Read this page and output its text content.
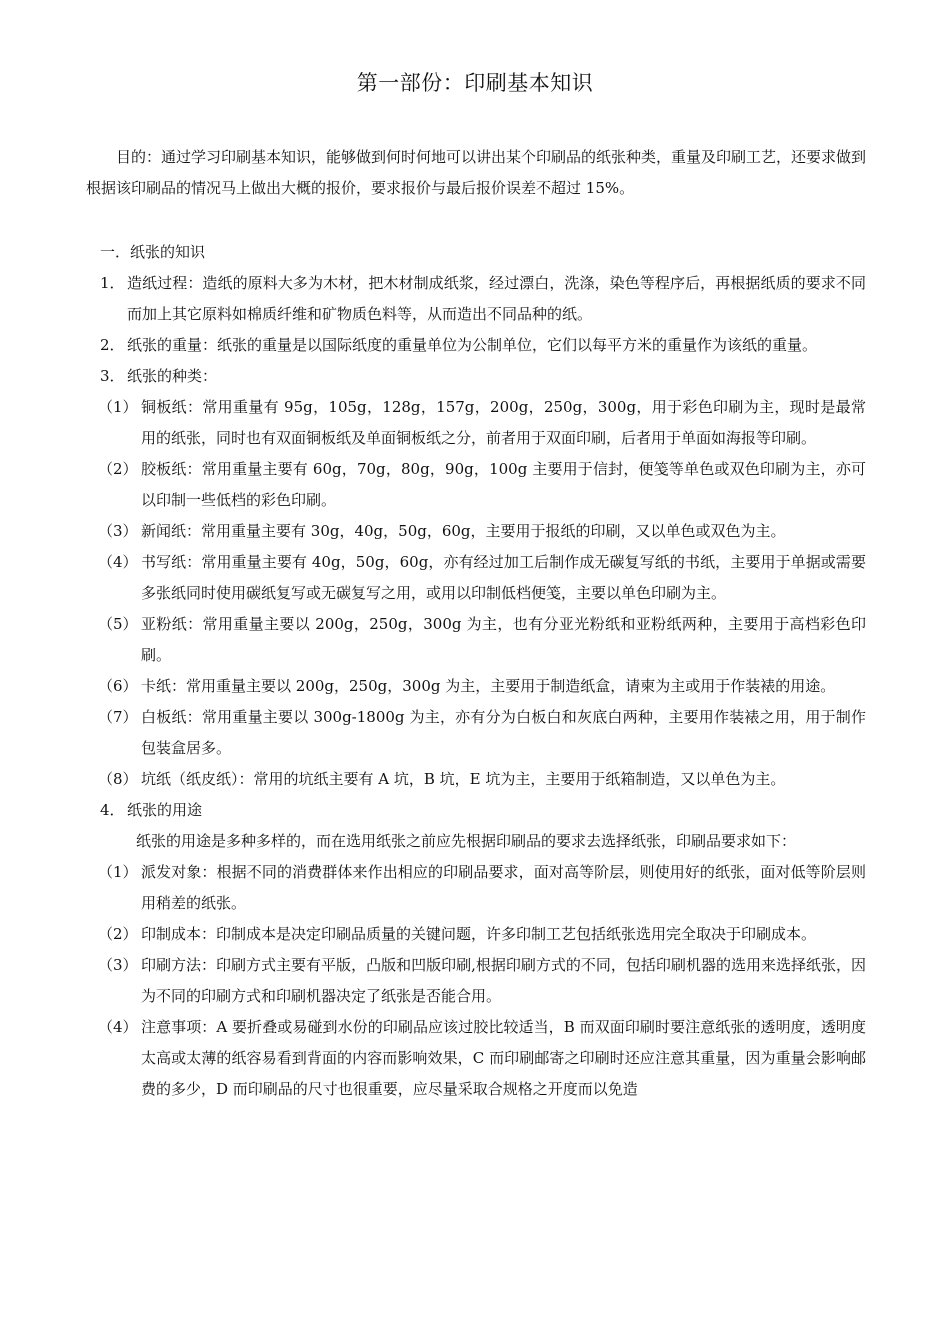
第一部份：印刷基本知识
目的：通过学习印刷基本知识，能够做到何时何地可以讲出某个印刷品的纸张种类，重量及印刷工艺，还要求做到根据该印刷品的情况马上做出大概的报价，要求报价与最后报价误差不超过 15%。
一．纸张的知识
1． 造纸过程：造纸的原料大多为木材，把木材制成纸浆，经过漂白，洗涤，染色等程序后，再根据纸质的要求不同而加上其它原料如棉质纤维和矿物质色料等，从而造出不同品种的纸。
2． 纸张的重量：纸张的重量是以国际纸度的重量单位为公制单位，它们以每平方米的重量作为该纸的重量。
3． 纸张的种类：
（1） 铜板纸：常用重量有 95g，105g，128g，157g，200g，250g，300g，用于彩色印刷为主，现时是最常用的纸张，同时也有双面铜板纸及单面铜板纸之分，前者用于双面印刷，后者用于单面如海报等印刷。
（2） 胶板纸：常用重量主要有 60g，70g，80g，90g，100g 主要用于信封，便笺等单色或双色印刷为主，亦可以印制一些低档的彩色印刷。
（3） 新闻纸：常用重量主要有 30g，40g，50g，60g，主要用于报纸的印刷，又以单色或双色为主。
（4） 书写纸：常用重量主要有 40g，50g，60g，亦有经过加工后制作成无碳复写纸的书纸，主要用于单据或需要多张纸同时使用碳纸复写或无碳复写之用，或用以印制低档便笺，主要以单色印刷为主。
（5） 亚粉纸：常用重量主要以 200g，250g，300g 为主，也有分亚光粉纸和亚粉纸两种，主要用于高档彩色印刷。
（6） 卡纸：常用重量主要以 200g，250g，300g 为主，主要用于制造纸盒，请柬为主或用于作装裱的用途。
（7） 白板纸：常用重量主要以 300g-1800g 为主，亦有分为白板白和灰底白两种，主要用作装裱之用，用于制作包装盒居多。
（8） 坑纸（纸皮纸）：常用的坑纸主要有 A 坑，B 坑，E 坑为主，主要用于纸箱制造，又以单色为主。
4． 纸张的用途
纸张的用途是多种多样的，而在选用纸张之前应先根据印刷品的要求去选择纸张，印刷品要求如下：
（1） 派发对象：根据不同的消费群体来作出相应的印刷品要求，面对高等阶层，则使用好的纸张，面对低等阶层则用稍差的纸张。
（2） 印制成本：印制成本是决定印刷品质量的关键问题，许多印制工艺包括纸张选用完全取决于印刷成本。
（3） 印刷方法：印刷方式主要有平版，凸版和凹版印刷,根据印刷方式的不同，包括印刷机器的选用来选择纸张，因为不同的印刷方式和印刷机器决定了纸张是否能合用。
（4） 注意事项：A 要折叠或易碰到水份的印刷品应该过胶比较适当，B 而双面印刷时要注意纸张的透明度，透明度太高或太薄的纸容易看到背面的内容而影响效果，C 而印刷邮寄之印刷时还应注意其重量，因为重量会影响邮费的多少，D 而印刷品的尺寸也很重要，应尽量采取合规格之开度而以免造
